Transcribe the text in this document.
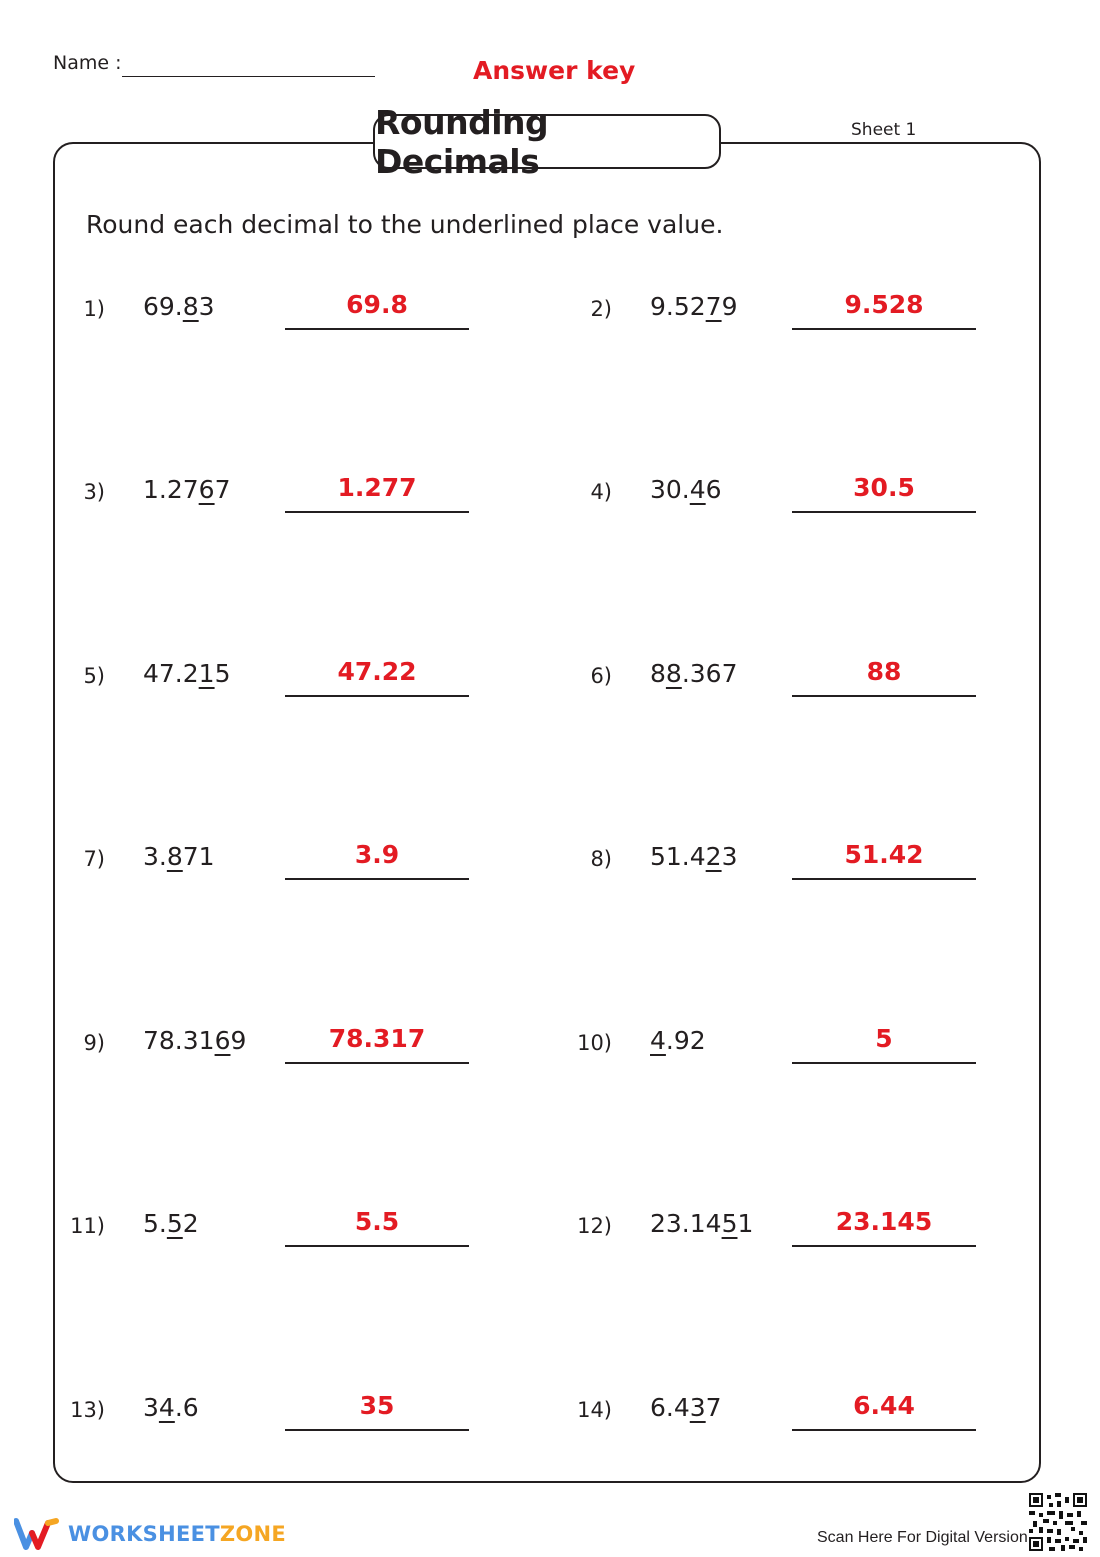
Name :	Answer key
Sheet 1
Rounding Decimals
Round each decimal to the underlined place value.
1) 69.83	69.8	2) 9.5279	9.528
3) 1.2767	1.277	4) 30.46	30.5
5) 47.215	47.22	6) 88.367	88
7) 3.871	3.9	8) 51.423	51.42
9) 78.3169	78.317	10) 4.92	5
11) 5.52	5.5	12) 23.1451	23.145
13) 34.6	35	14) 6.437	6.44
WORKSHEETZONE	Scan Here For Digital Version
